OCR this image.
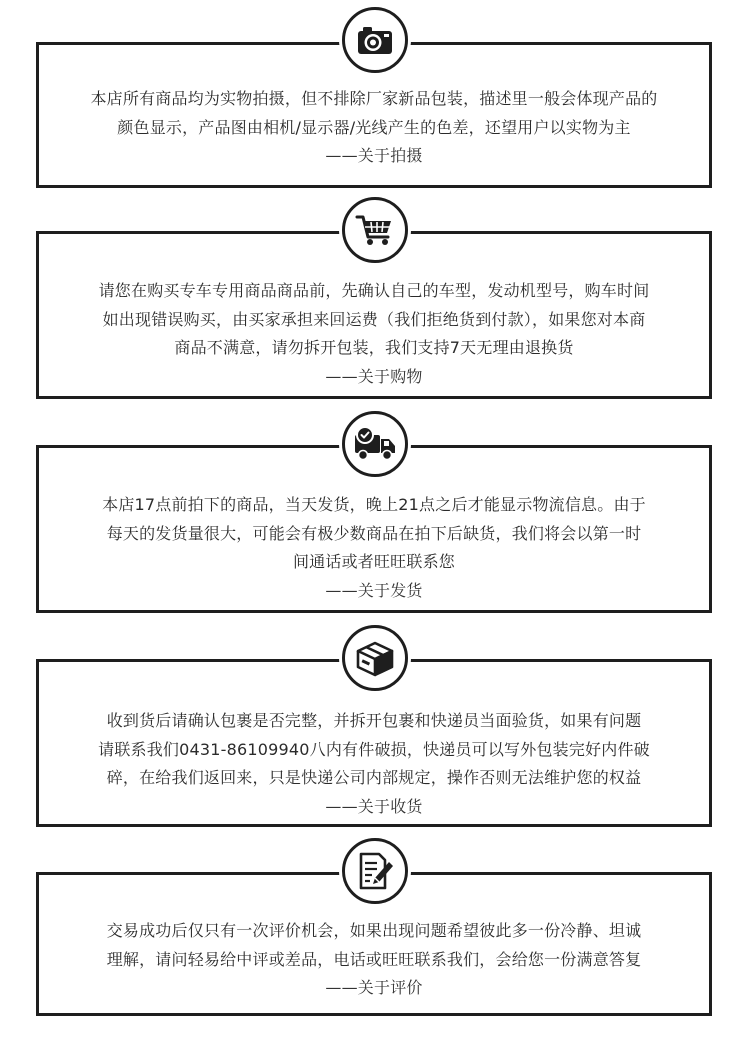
本店所有商品均为实物拍摄，但不排除厂家新品包装，描述里一般会体现产品的
颜色显示，产品图由相机/显示器/光线产生的色差，还望用户以实物为主
——关于拍摄
请您在购买专车专用商品商品前，先确认自己的车型，发动机型号，购车时间
如出现错误购买，由买家承担来回运费（我们拒绝货到付款），如果您对本商
商品不满意，请勿拆开包装，我们支持7天无理由退换货
——关于购物
本店17点前拍下的商品，当天发货，晚上21点之后才能显示物流信息。由于
每天的发货量很大，可能会有极少数商品在拍下后缺货，我们将会以第一时
间通话或者旺旺联系您
——关于发货
收到货后请确认包裹是否完整，并拆开包裹和快递员当面验货，如果有问题
请联系我们0431-86109940八内有件破损，快递员可以写外包装完好内件破
碎，在给我们返回来，只是快递公司内部规定，操作否则无法维护您的权益
——关于收货
交易成功后仅只有一次评价机会，如果出现问题希望彼此多一份冷静、坦诚
理解，请问轻易给中评或差品，电话或旺旺联系我们，会给您一份满意答复
——关于评价
